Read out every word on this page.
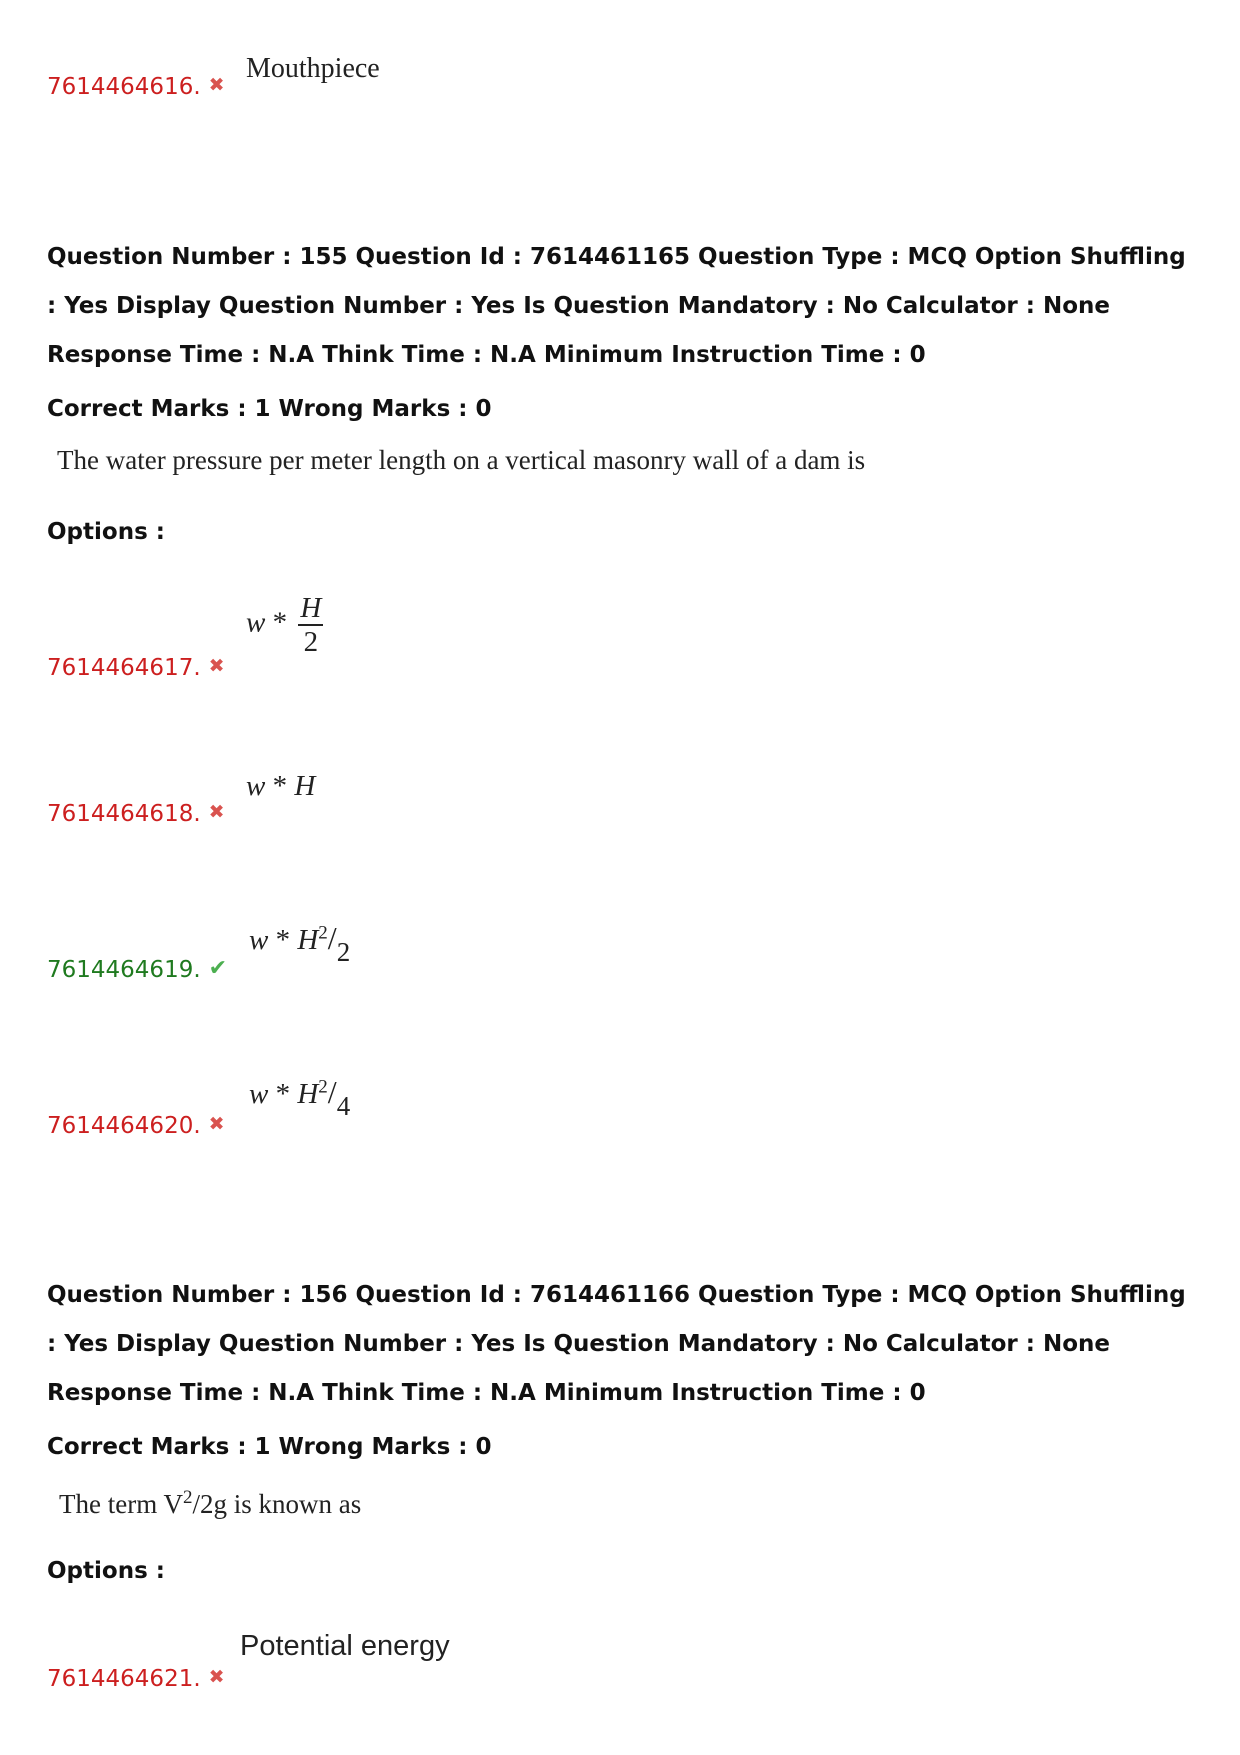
7614464616. ✖
Mouthpiece
Question Number : 155 Question Id : 7614461165 Question Type : MCQ Option Shuffling : Yes Display Question Number : Yes Is Question Mandatory : No Calculator : None Response Time : N.A Think Time : N.A Minimum Instruction Time : 0
Correct Marks : 1 Wrong Marks : 0
The water pressure per meter length on a vertical masonry wall of a dam is
Options :
7614464617. ✖
w * $\frac{H}{2}$
7614464618. ✖
w * H
7614464619. ✔
w * $H^2/2$
7614464620. ✖
w * $H^2/4$
Question Number : 156 Question Id : 7614461166 Question Type : MCQ Option Shuffling : Yes Display Question Number : Yes Is Question Mandatory : No Calculator : None Response Time : N.A Think Time : N.A Minimum Instruction Time : 0
Correct Marks : 1 Wrong Marks : 0
The term $V^2/2g$ is known as
Options :
7614464621. ✖
Potential energy
